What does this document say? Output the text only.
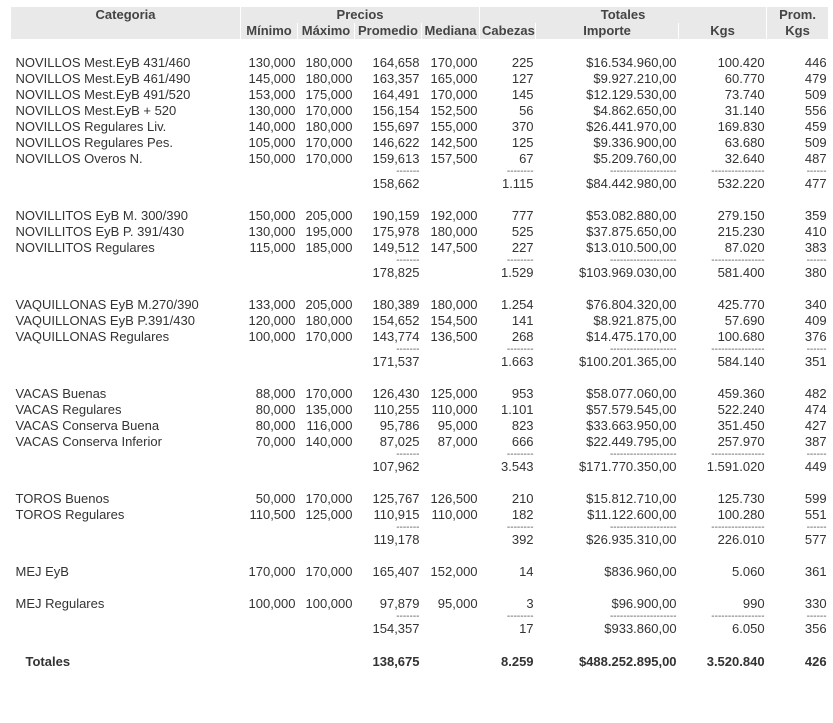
Categoria	Precios				Totales			Prom.
	Mínimo	Máximo	Promedio	Mediana	Cabezas	Importe	Kgs	Kgs

NOVILLOS Mest.EyB 431/460	130,000	180,000	164,658	170,000	225	$16.534.960,00	100.420	446
NOVILLOS Mest.EyB 461/490	145,000	180,000	163,357	165,000	127	$9.927.210,00	60.770	479
NOVILLOS Mest.EyB 491/520	153,000	175,000	164,491	170,000	145	$12.129.530,00	73.740	509
NOVILLOS Mest.EyB + 520	130,000	170,000	156,154	152,500	56	$4.862.650,00	31.140	556
NOVILLOS Regulares Liv.	140,000	180,000	155,697	155,000	370	$26.441.970,00	169.830	459
NOVILLOS Regulares Pes.	105,000	170,000	146,622	142,500	125	$9.336.900,00	63.680	509
NOVILLOS Overos N.	150,000	170,000	159,613	157,500	67	$5.209.760,00	32.640	487
			-------		--------	--------------------	----------------	------
			158,662		1.115	$84.442.980,00	532.220	477

NOVILLITOS EyB M. 300/390	150,000	205,000	190,159	192,000	777	$53.082.880,00	279.150	359
NOVILLITOS EyB P. 391/430	130,000	195,000	175,978	180,000	525	$37.875.650,00	215.230	410
NOVILLITOS Regulares	115,000	185,000	149,512	147,500	227	$13.010.500,00	87.020	383
			-------		--------	--------------------	----------------	------
			178,825		1.529	$103.969.030,00	581.400	380

VAQUILLONAS EyB M.270/390	133,000	205,000	180,389	180,000	1.254	$76.804.320,00	425.770	340
VAQUILLONAS EyB P.391/430	120,000	180,000	154,652	154,500	141	$8.921.875,00	57.690	409
VAQUILLONAS Regulares	100,000	170,000	143,774	136,500	268	$14.475.170,00	100.680	376
			-------		--------	--------------------	----------------	------
			171,537		1.663	$100.201.365,00	584.140	351

VACAS Buenas	88,000	170,000	126,430	125,000	953	$58.077.060,00	459.360	482
VACAS Regulares	80,000	135,000	110,255	110,000	1.101	$57.579.545,00	522.240	474
VACAS Conserva Buena	80,000	116,000	95,786	95,000	823	$33.663.950,00	351.450	427
VACAS Conserva Inferior	70,000	140,000	87,025	87,000	666	$22.449.795,00	257.970	387
			-------		--------	--------------------	----------------	------
			107,962		3.543	$171.770.350,00	1.591.020	449

TOROS Buenos	50,000	170,000	125,767	126,500	210	$15.812.710,00	125.730	599
TOROS Regulares	110,500	125,000	110,915	110,000	182	$11.122.600,00	100.280	551
			-------		--------	--------------------	----------------	------
			119,178		392	$26.935.310,00	226.010	577

MEJ EyB	170,000	170,000	165,407	152,000	14	$836.960,00	5.060	361

MEJ Regulares	100,000	100,000	97,879	95,000	3	$96.900,00	990	330
			-------		--------	--------------------	----------------	------
			154,357		17	$933.860,00	6.050	356

Totales			138,675		8.259	$488.252.895,00	3.520.840	426
